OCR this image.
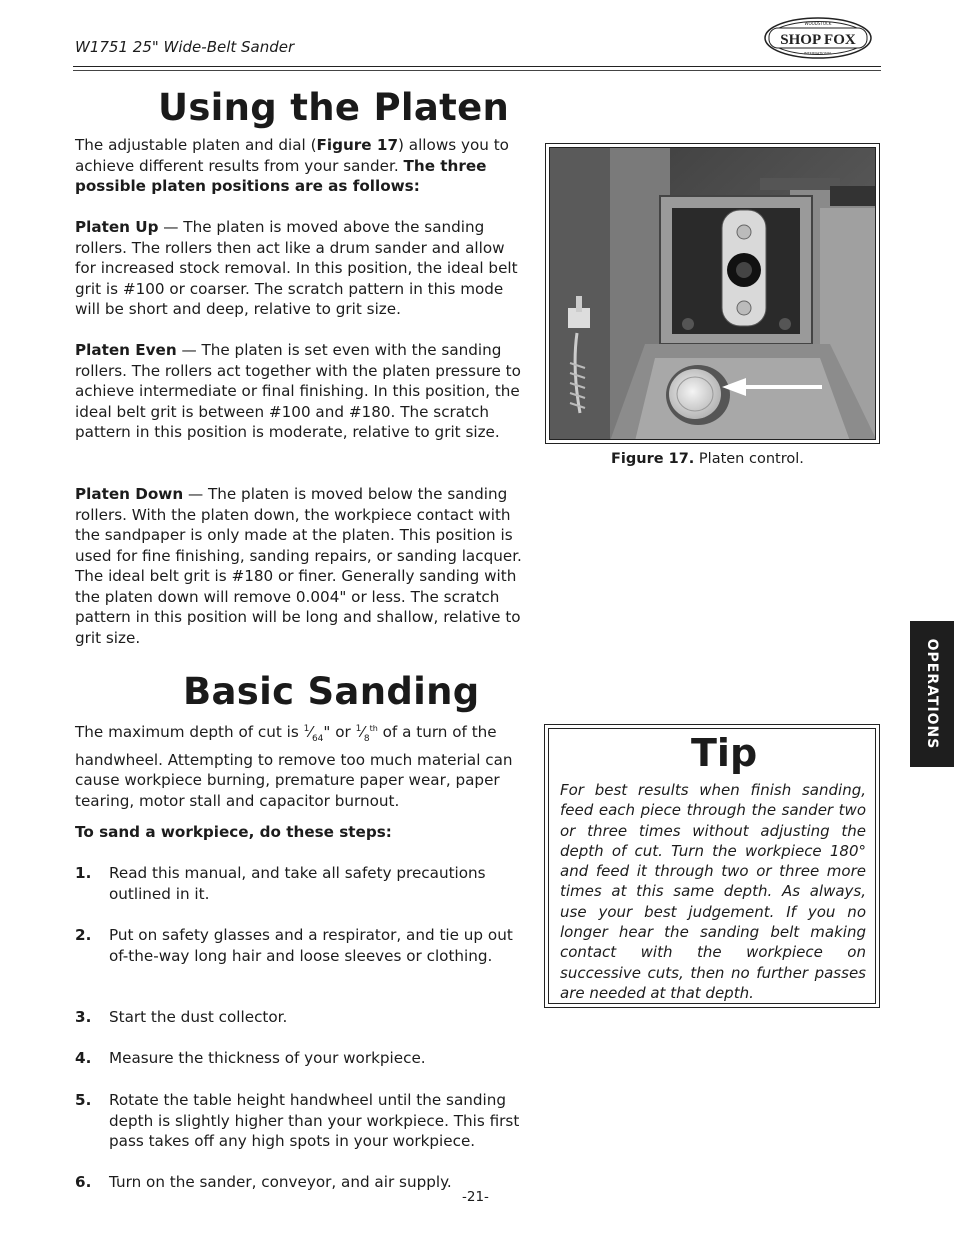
W1751 25" Wide-Belt Sander	SHOP FOX
WOODSTOCK
INTERNATIONAL
Using the Platen
The adjustable platen and dial (Figure 17) allows you to achieve different results from your sander. The three possible platen positions are as follows:
Platen Up — The platen is moved above the sanding rollers. The rollers then act like a drum sander and allow for increased stock removal. In this position, the ideal belt grit is #100 or coarser. The scratch pattern in this mode will be short and deep, relative to grit size.
Platen Even — The platen is set even with the sanding rollers. The rollers act together with the platen pressure to achieve intermediate or final finishing. In this position, the ideal belt grit is between #100 and #180. The scratch pattern in this position is moderate, relative to grit size.
Platen Down — The platen is moved below the sanding rollers. With the platen down, the workpiece contact with the sandpaper is only made at the platen. This position is used for fine finishing, sanding repairs, or sanding lacquer. The ideal belt grit is #180 or finer. Generally sanding with the platen down will remove 0.004" or less. The scratch pattern in this position will be long and shallow, relative to grit size.
Figure 17. Platen control.
Basic Sanding
The maximum depth of cut is $^1⁄_{64}$" or $^1⁄_8^{th}$ of a turn of the handwheel. Attempting to remove too much material can cause workpiece burning, premature paper wear, paper tearing, motor stall and capacitor burnout.
To sand a workpiece, do these steps:
1. Read this manual, and take all safety precautions outlined in it.
2. Put on safety glasses and a respirator, and tie up out of-the-way long hair and loose sleeves or clothing.
3. Start the dust collector.
4. Measure the thickness of your workpiece.
5. Rotate the table height handwheel until the sanding depth is slightly higher than your workpiece. This first pass takes off any high spots in your workpiece.
6. Turn on the sander, conveyor, and air supply.
Tip
For best results when finish sanding, feed each piece through the sander two or three times without adjusting the depth of cut. Turn the workpiece 180° and feed it through two or three more times at this same depth. As always, use your best judgement. If you no longer hear the sanding belt making contact with the workpiece on successive cuts, then no further passes are needed at that depth.
OPERATIONS
-21-
